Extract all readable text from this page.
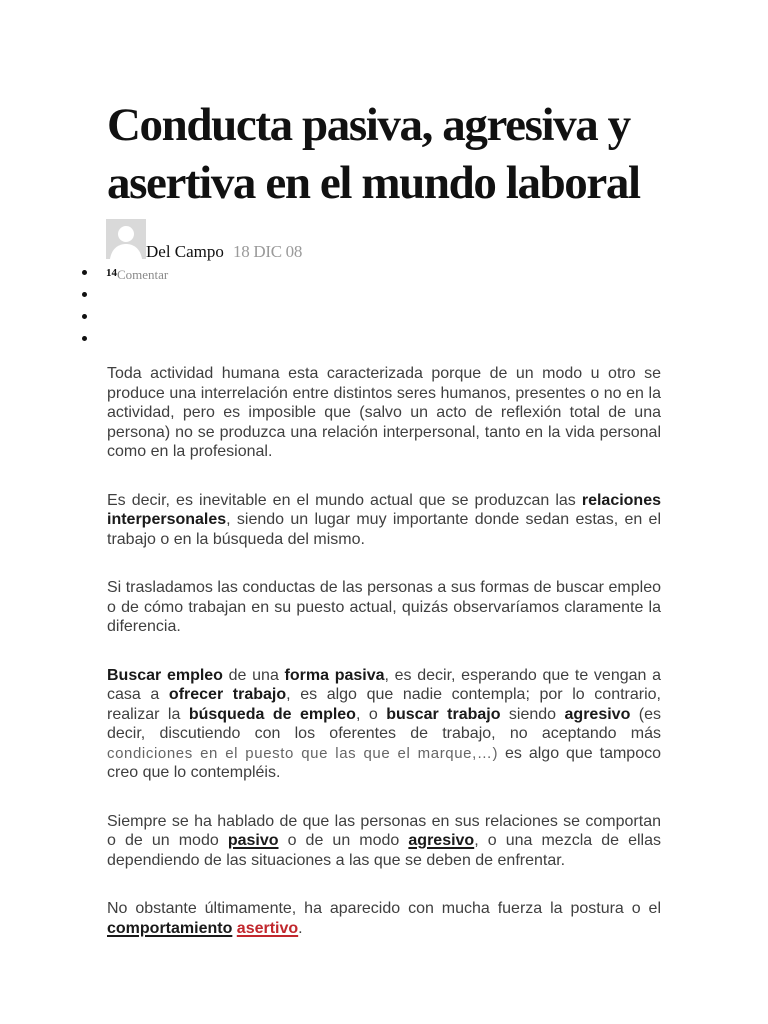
Conducta pasiva, agresiva y asertiva en el mundo laboral
Del Campo 18 DIC 08
$^{14}$Comentar

Toda actividad humana esta caracterizada porque de un modo u otro se produce una interrelación entre distintos seres humanos, presentes o no en la actividad, pero es imposible que (salvo un acto de reflexión total de una persona) no se produzca una relación interpersonal, tanto en la vida personal como en la profesional.

Es decir, es inevitable en el mundo actual que se produzcan las relaciones interpersonales, siendo un lugar muy importante donde sedan estas, en el trabajo o en la búsqueda del mismo.

Si trasladamos las conductas de las personas a sus formas de buscar empleo o de cómo trabajan en su puesto actual, quizás observaríamos claramente la diferencia.

Buscar empleo de una forma pasiva, es decir, esperando que te vengan a casa a ofrecer trabajo, es algo que nadie contempla; por lo contrario, realizar la búsqueda de empleo, o buscar trabajo siendo agresivo (es decir, discutiendo con los oferentes de trabajo, no aceptando más condiciones en el puesto que las que el marque,…) es algo que tampoco creo que lo contempléis.

Siempre se ha hablado de que las personas en sus relaciones se comportan o de un modo pasivo o de un modo agresivo, o una mezcla de ellas dependiendo de las situaciones a las que se deben de enfrentar.

No obstante últimamente, ha aparecido con mucha fuerza la postura o el comportamiento asertivo.
